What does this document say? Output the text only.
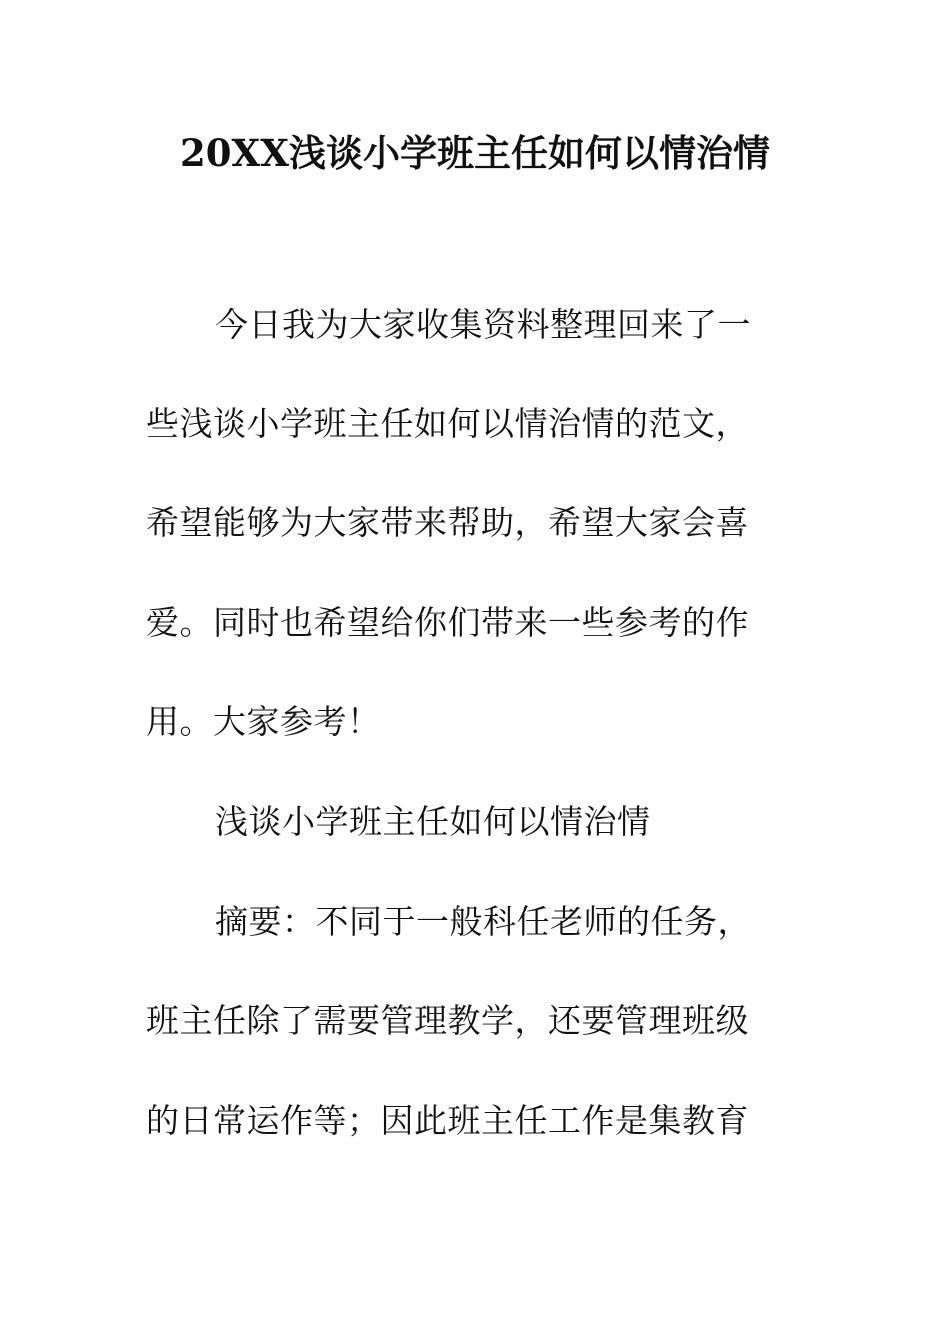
20XX浅谈小学班主任如何以情治情

今日我为大家收集资料整理回来了一

些浅谈小学班主任如何以情治情的范文，

希望能够为大家带来帮助，希望大家会喜

爱。同时也希望给你们带来一些参考的作

用。大家参考！

浅谈小学班主任如何以情治情

摘要：不同于一般科任老师的任务，

班主任除了需要管理教学，还要管理班级

的日常运作等；因此班主任工作是集教育
